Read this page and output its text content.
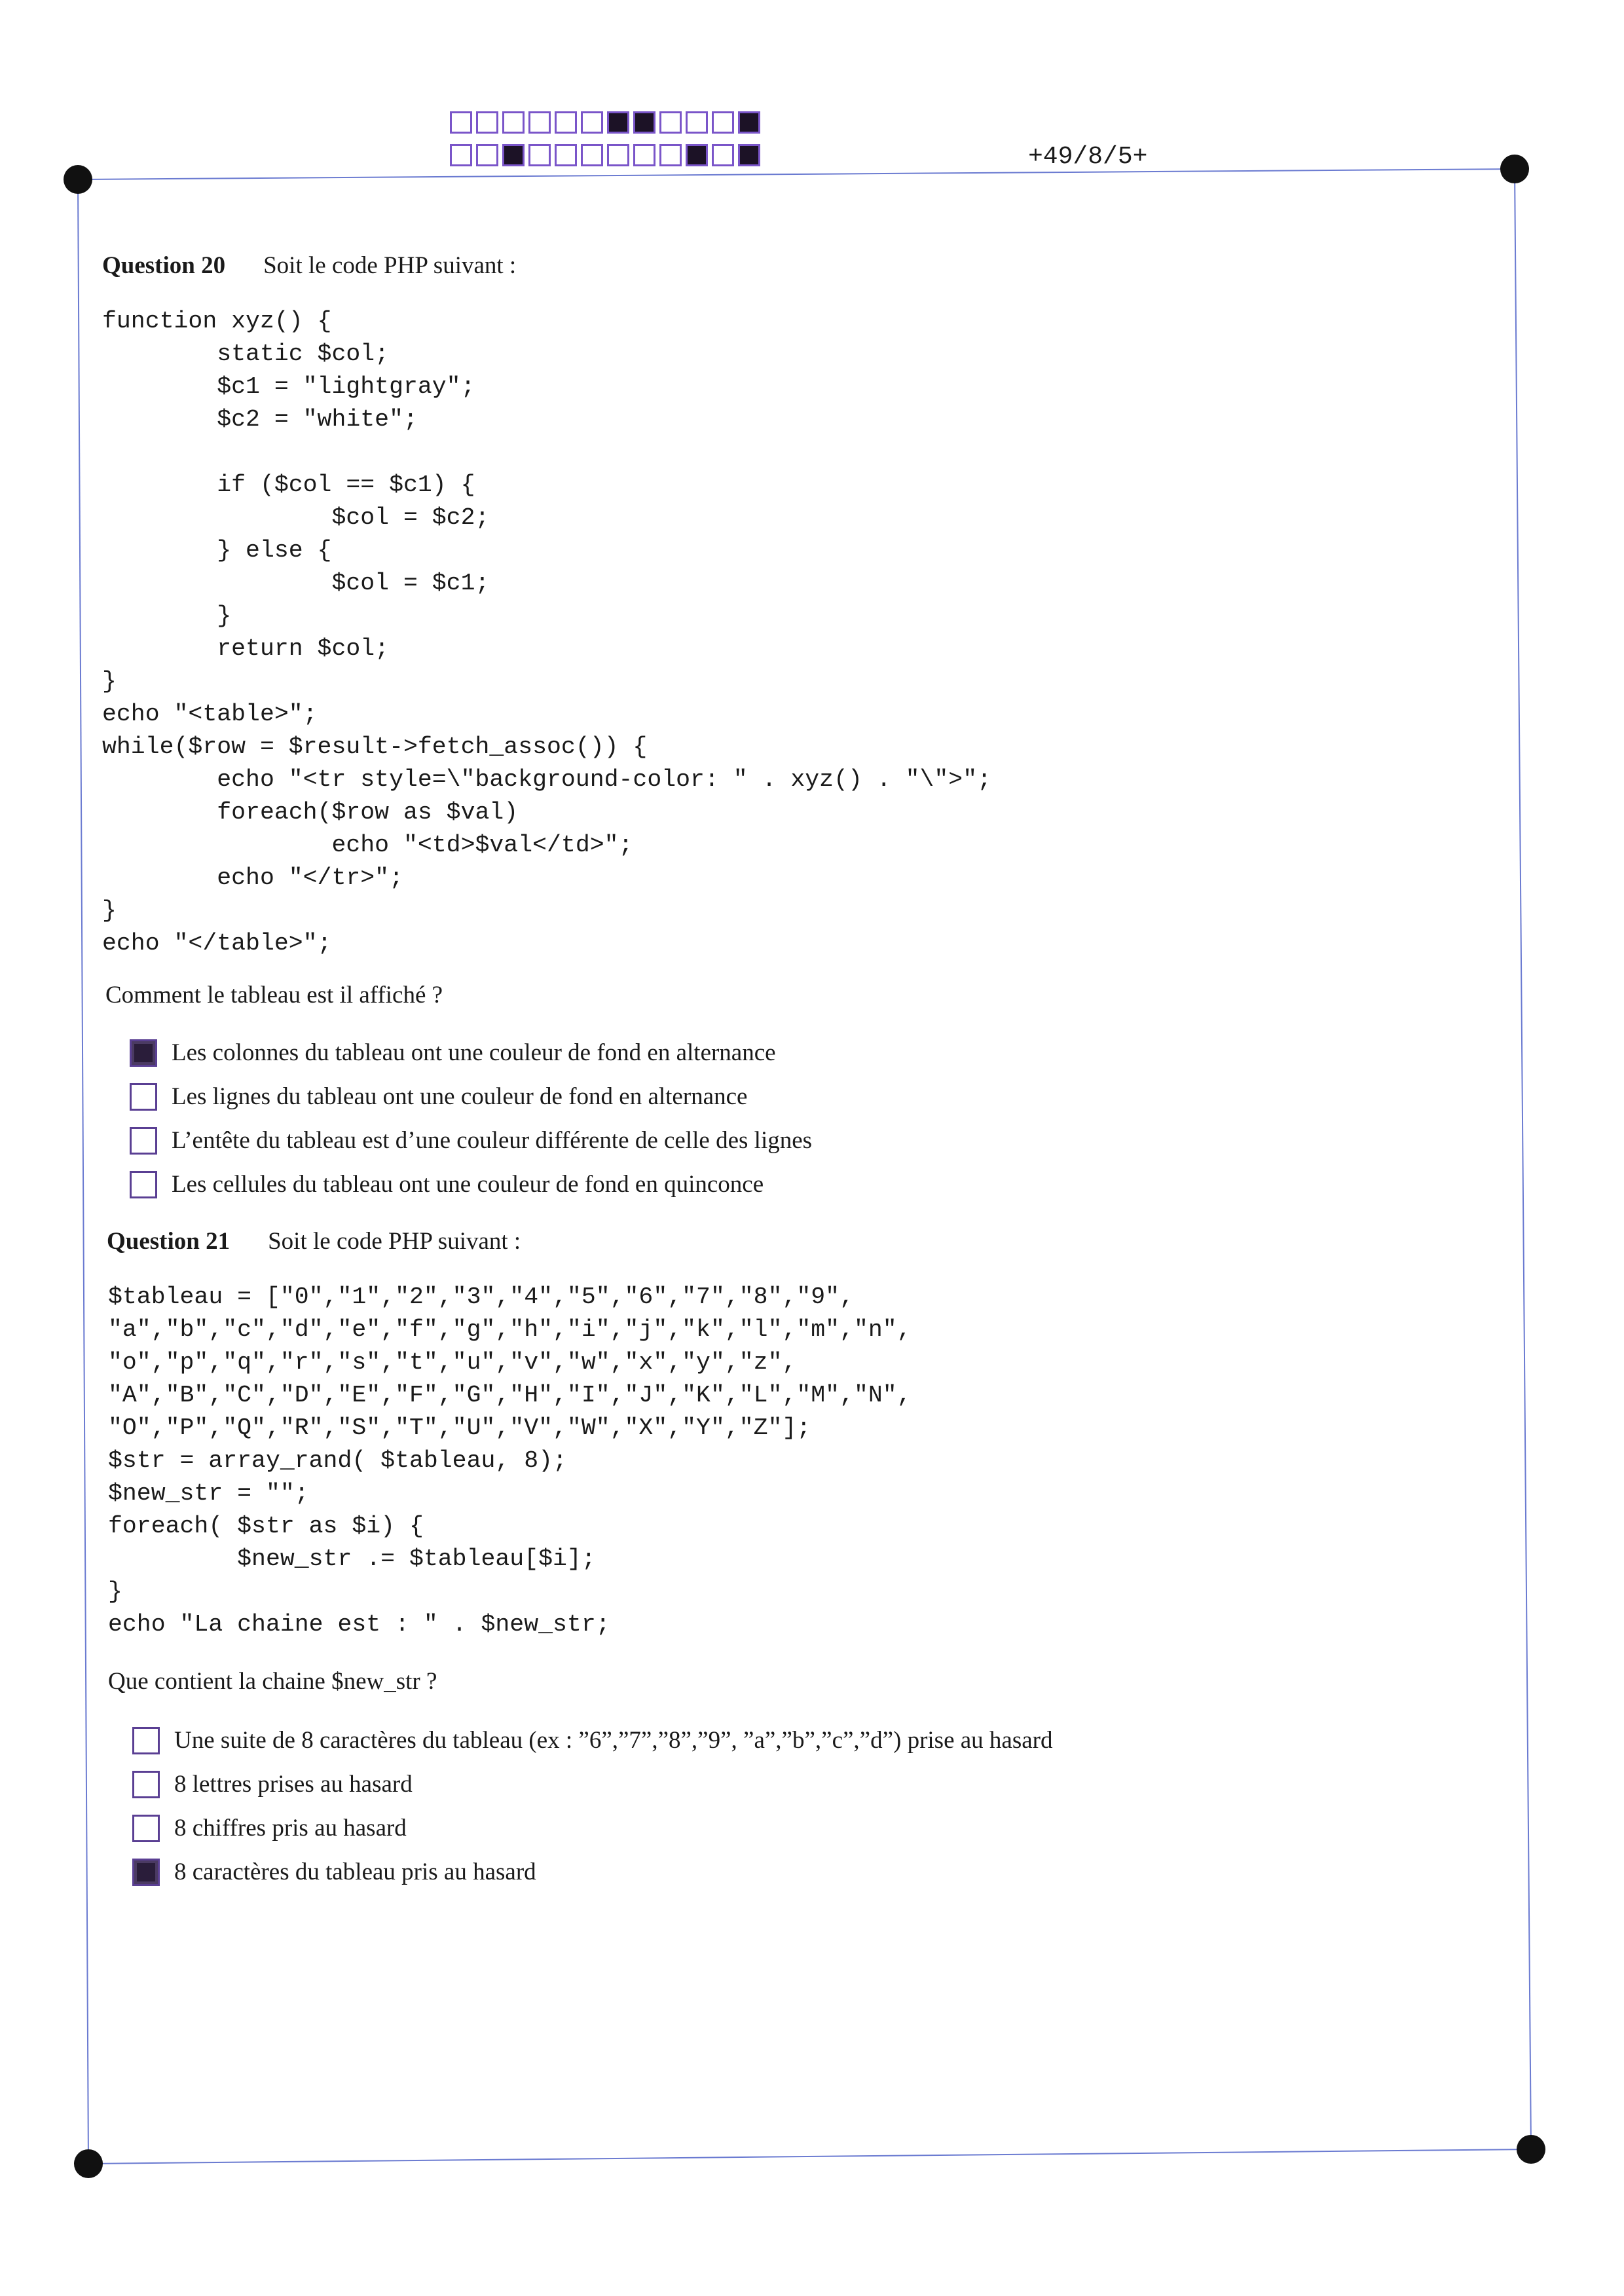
+49/8/5+
Question 20 Soit le code PHP suivant :
function xyz() {
static $col;
$c1 = "lightgray";
$c2 = "white";

if ($col == $c1) {
$col = $c2;
} else {
$col = $c1;
}
return $col;
}
echo "<table>";
while($row = $result->fetch_assoc()) {
echo "<tr style=\"background-color: " . xyz() . "\">";
foreach($row as $val)
echo "<td>$val</td>";
echo "</tr>";
}
echo "</table>";
Comment le tableau est il affiché ?
Les colonnes du tableau ont une couleur de fond en alternance
Les lignes du tableau ont une couleur de fond en alternance
L’entête du tableau est d’une couleur différente de celle des lignes
Les cellules du tableau ont une couleur de fond en quinconce
Question 21 Soit le code PHP suivant :
$tableau = ["0","1","2","3","4","5","6","7","8","9",
"a","b","c","d","e","f","g","h","i","j","k","l","m","n",
"o","p","q","r","s","t","u","v","w","x","y","z",
"A","B","C","D","E","F","G","H","I","J","K","L","M","N",
"O","P","Q","R","S","T","U","V","W","X","Y","Z"];
$str = array_rand( $tableau, 8);
$new_str = "";
foreach( $str as $i) {
$new_str .= $tableau[$i];
}
echo "La chaine est : " . $new_str;
Que contient la chaine $new_str ?
Une suite de 8 caractères du tableau (ex : ”6”,”7”,”8”,”9”, ”a”,”b”,”c”,”d”) prise au hasard
8 lettres prises au hasard
8 chiffres pris au hasard
8 caractères du tableau pris au hasard
